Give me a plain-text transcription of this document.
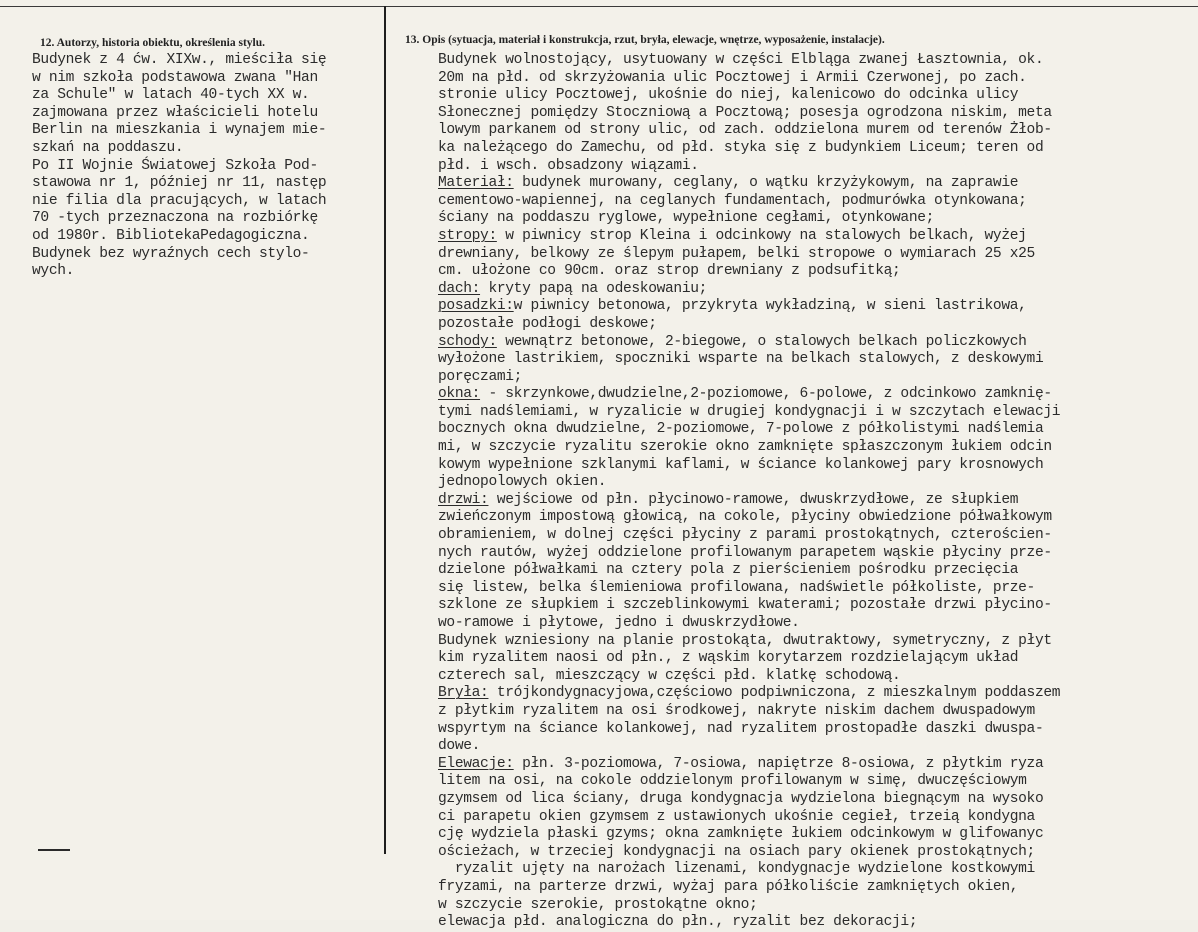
12. Autorzy, historia obiektu, określenia stylu.	13. Opis (sytuacja, materiał i konstrukcja, rzut, bryła, elewacje, wnętrze, wyposażenie, instalacje).
Budynek z 4 ćw. XIXw., mieściła się
w nim szkoła podstawowa zwana "Han
za Schule" w latach 40-tych XX w.
zajmowana przez właścicieli hotelu
Berlin na mieszkania i wynajem mie-
szkań na poddaszu.
Po II Wojnie Światowej Szkoła Pod-
stawowa nr 1, później nr 11, następ
nie filia dla pracujących, w latach
70 -tych przeznaczona na rozbiórkę
od 1980r. BibliotekaPedagogiczna.
Budynek bez wyraźnych cech stylo-
wych.
Budynek wolnostojący, usytuowany w części Elbląga zwanej Łasztownia, ok.
20m na płd. od skrzyżowania ulic Pocztowej i Armii Czerwonej, po zach.
stronie ulicy Pocztowej, ukośnie do niej, kalenicowo do odcinka ulicy
Słonecznej pomiędzy Stoczniową a Pocztową; posesja ogrodzona niskim, meta
lowym parkanem od strony ulic, od zach. oddzielona murem od terenów Żłob-
ka należącego do Zamechu, od płd. styka się z budynkiem Liceum; teren od
płd. i wsch. obsadzony wiązami.
Materiał: budynek murowany, ceglany, o wątku krzyżykowym, na zaprawie
cementowo-wapiennej, na ceglanych fundamentach, podmurówka otynkowana;
ściany na poddaszu ryglowe, wypełnione cegłami, otynkowane;
stropy: w piwnicy strop Kleina i odcinkowy na stalowych belkach, wyżej
drewniany, belkowy ze ślepym pułapem, belki stropowe o wymiarach 25 x25
cm. ułożone co 90cm. oraz strop drewniany z podsufitką;
dach: kryty papą na odeskowaniu;
posadzki:w piwnicy betonowa, przykryta wykładziną, w sieni lastrikowa,
pozostałe podłogi deskowe;
schody: wewnątrz betonowe, 2-biegowe, o stalowych belkach policzkowych
wyłożone lastrikiem, spoczniki wsparte na belkach stalowych, z deskowymi
poręczami;
okna: - skrzynkowe,dwudzielne,2-poziomowe, 6-polowe, z odcinkowo zamknię-
tymi nadślemiami, w ryzalicie w drugiej kondygnacji i w szczytach elewacji
bocznych okna dwudzielne, 2-poziomowe, 7-polowe z półkolistymi nadślemia
mi, w szczycie ryzalitu szerokie okno zamknięte spłaszczonym łukiem odcin
kowym wypełnione szklanymi kaflami, w ściance kolankowej pary krosnowych
jednopolowych okien.
drzwi: wejściowe od płn. płycinowo-ramowe, dwuskrzydłowe, ze słupkiem
zwieńczonym impostową głowicą, na cokole, płyciny obwiedzione półwałkowym
obramieniem, w dolnej części płyciny z parami prostokątnych, czterościen-
nych rautów, wyżej oddzielone profilowanym parapetem wąskie płyciny prze-
dzielone półwałkami na cztery pola z pierścieniem pośrodku przecięcia
się listew, belka ślemieniowa profilowana, nadświetle półkoliste, prze-
szklone ze słupkiem i szczeblinkowymi kwaterami; pozostałe drzwi płycino-
wo-ramowe i płytowe, jedno i dwuskrzydłowe.
Budynek wzniesiony na planie prostokąta, dwutraktowy, symetryczny, z płyt
kim ryzalitem naosi od płn., z wąskim korytarzem rozdzielającym układ
czterech sal, mieszczący w części płd. klatkę schodową.
Bryła: trójkondygnacyjowa,częściowo podpiwniczona, z mieszkalnym poddaszem
z płytkim ryzalitem na osi środkowej, nakryte niskim dachem dwuspadowym
wspyrtym na ściance kolankowej, nad ryzalitem prostopadłe daszki dwuspa-
dowe.
Elewacje: płn. 3-poziomowa, 7-osiowa, napiętrze 8-osiowa, z płytkim ryza
litem na osi, na cokole oddzielonym profilowanym w simę, dwuczęściowym
gzymsem od lica ściany, druga kondygnacja wydzielona biegnącym na wysoko
ci parapetu okien gzymsem z ustawionych ukośnie cegieł, trzeią kondygna
cję wydziela płaski gzyms; okna zamknięte łukiem odcinkowym w glifowanyc
ościeżach, w trzeciej kondygnacji na osiach pary okienek prostokątnych;
ryzalit ujęty na narożach lizenami, kondygnacje wydzielone kostkowymi
fryzami, na parterze drzwi, wyżaj para półkoliście zamkniętych okien,
w szczycie szerokie, prostokątne okno;
elewacja płd. analogiczna do płn., ryzalit bez dekoracji;
